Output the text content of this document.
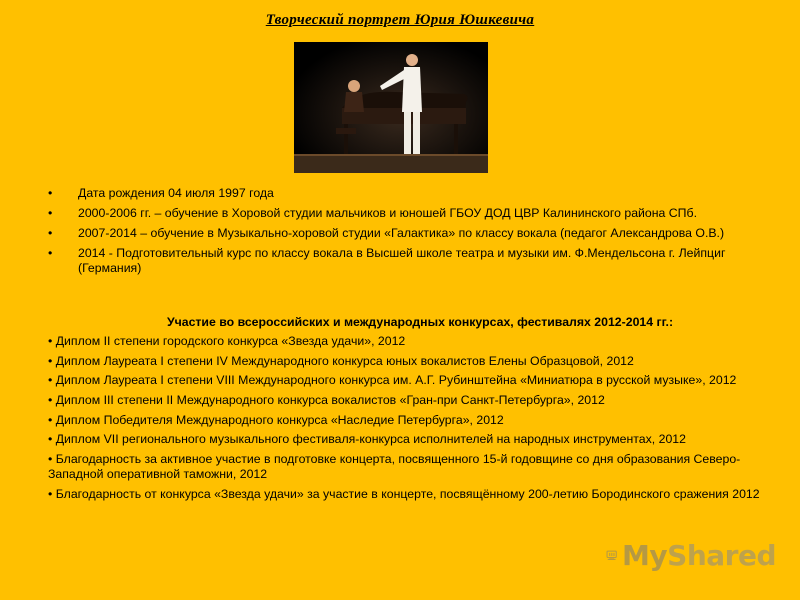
Творческий портрет Юрия Юшкевича
• Дата рождения 04 июля 1997 года
• 2000-2006 гг. – обучение в Хоровой студии мальчиков и юношей ГБОУ ДОД ЦВР Калининского района СПб.
• 2007-2014 – обучение в Музыкально-хоровой студии «Галактика» по классу вокала (педагог Александрова О.В.)
• 2014 - Подготовительный курс по классу вокала в Высшей школе театра и музыки им. Ф.Мендельсона г. Лейпциг (Германия)
Участие во всероссийских и международных конкурсах, фестивалях 2012-2014 гг.:
• Диплом II степени городского конкурса «Звезда удачи», 2012
• Диплом Лауреата I степени IV Международного конкурса юных вокалистов Елены Образцовой, 2012
• Диплом Лауреата I степени VIII Международного конкурса им. А.Г. Рубинштейна «Миниатюра в русской музыке», 2012
• Диплом III степени II Международного конкурса вокалистов «Гран-при Санкт-Петербурга», 2012
• Диплом Победителя Международного конкурса «Наследие Петербурга», 2012
• Диплом VII регионального музыкального фестиваля-конкурса исполнителей на народных инструментах, 2012
• Благодарность за активное участие в подготовке концерта, посвященного 15-й годовщине со дня образования Северо-Западной оперативной таможни, 2012
• Благодарность от конкурса «Звезда удачи» за участие в концерте, посвящённому 200-летию Бородинского сражения 2012
MyShared
